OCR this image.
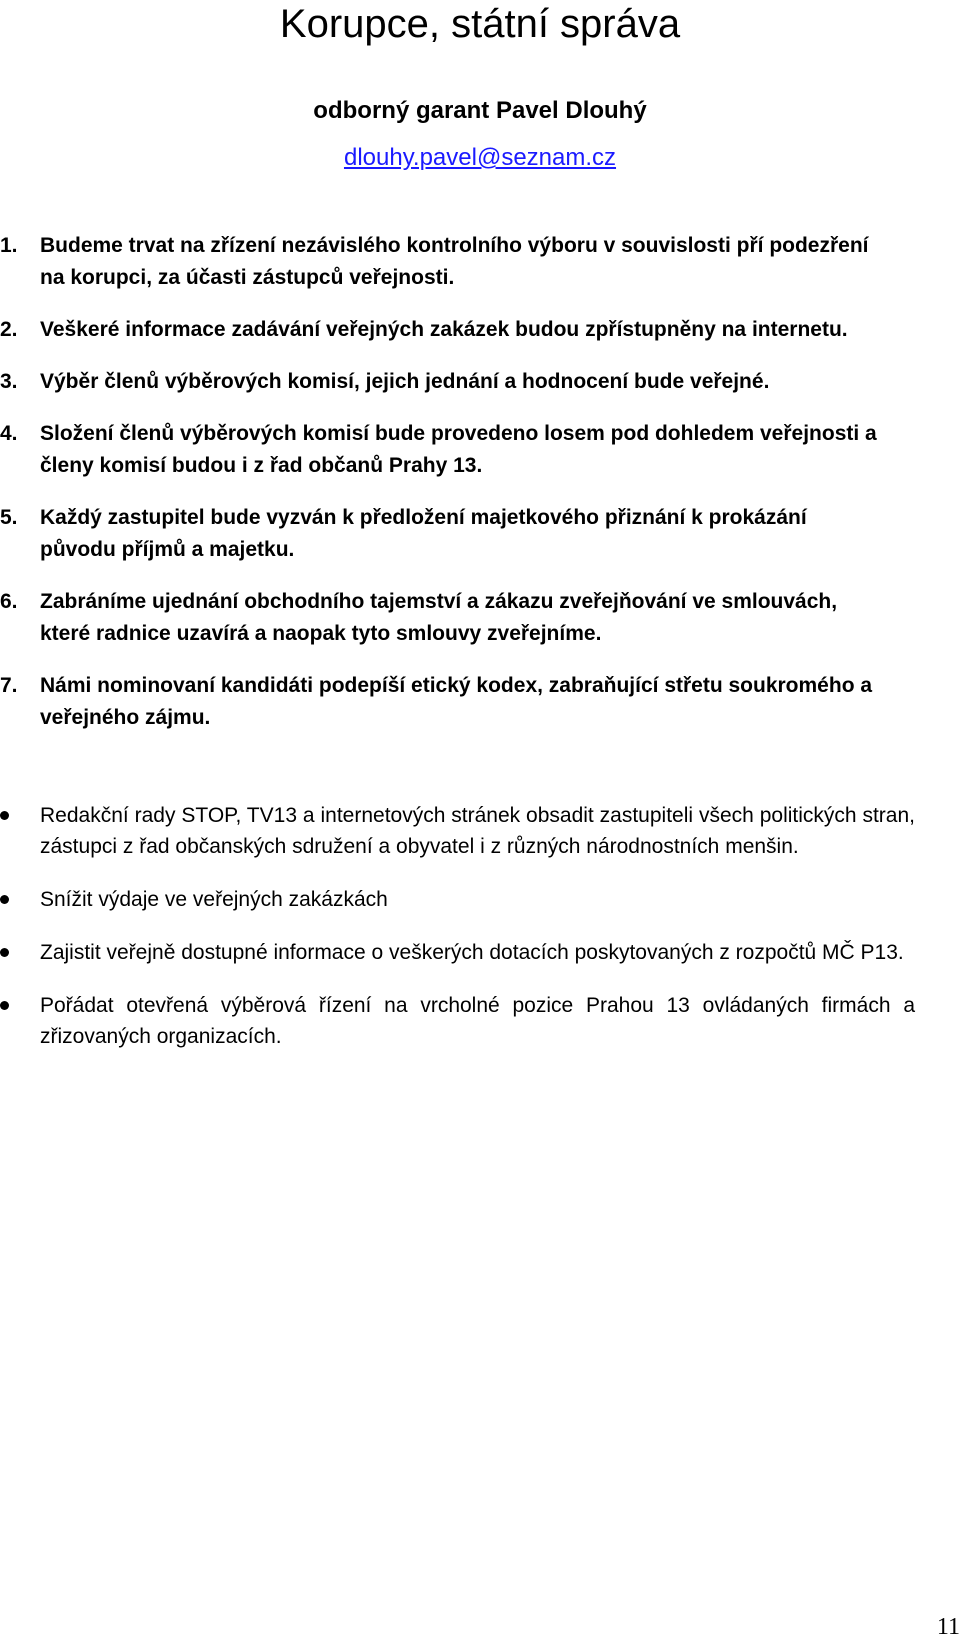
Korupce, státní správa
odborný garant Pavel Dlouhý
dlouhy.pavel@seznam.cz
1. Budeme trvat na zřízení nezávislého kontrolního výboru v souvislosti pří podezření na korupci, za účasti zástupců veřejnosti.
2. Veškeré informace zadávání veřejných zakázek budou zpřístupněny na internetu.
3. Výběr členů výběrových komisí, jejich jednání a hodnocení bude veřejné.
4. Složení členů výběrových komisí bude provedeno losem pod dohledem veřejnosti a členy komisí budou i z řad občanů Prahy 13.
5. Každý zastupitel bude vyzván k předložení majetkového přiznání k prokázání původu příjmů a majetku.
6. Zabráníme ujednání obchodního tajemství a zákazu zveřejňování ve smlouvách, které radnice uzavírá a naopak tyto smlouvy zveřejníme.
7. Námi nominovaní kandidáti podepíší etický kodex, zabraňující střetu soukromého a veřejného zájmu.
Redakční rady STOP, TV13 a internetových stránek obsadit zastupiteli všech politických stran, zástupci z řad občanských sdružení a obyvatel i z různých národnostních menšin.
Snížit výdaje ve veřejných zakázkách
Zajistit veřejně dostupné informace o veškerých dotacích poskytovaných z rozpočtů MČ P13.
Pořádat otevřená výběrová řízení na vrcholné pozice Prahou 13 ovládaných firmách a zřizovaných organizacích.
11
